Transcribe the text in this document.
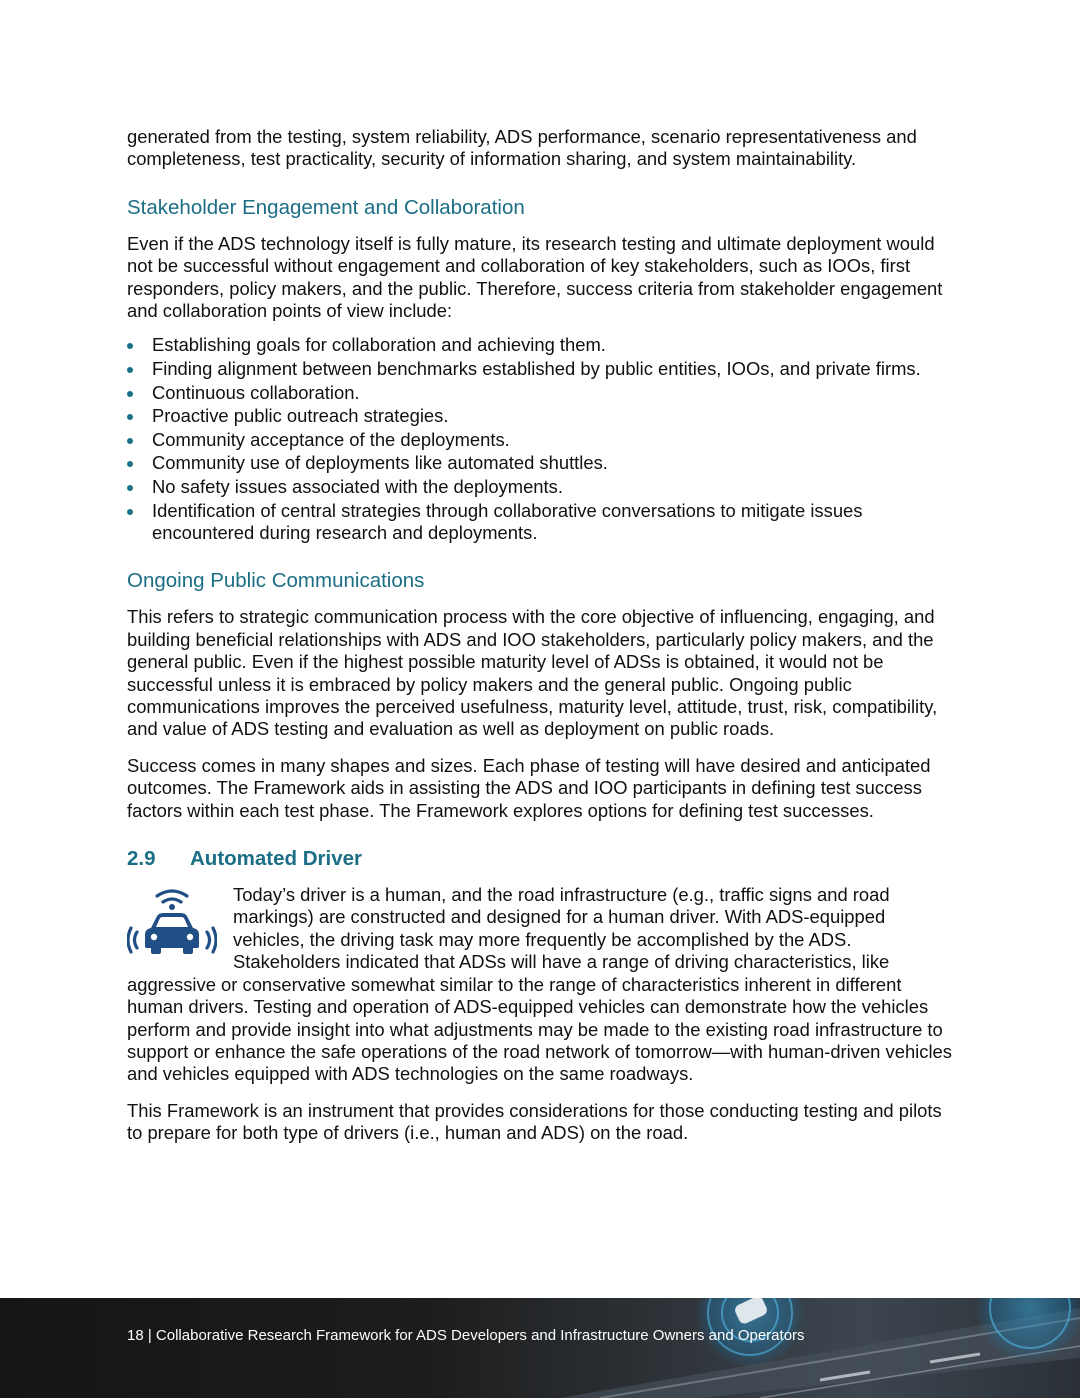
generated from the testing, system reliability, ADS performance, scenario representativeness and completeness, test practicality, security of information sharing, and system maintainability.

Stakeholder Engagement and Collaboration

Even if the ADS technology itself is fully mature, its research testing and ultimate deployment would not be successful without engagement and collaboration of key stakeholders, such as IOOs, first responders, policy makers, and the public. Therefore, success criteria from stakeholder engagement and collaboration points of view include:

Establishing goals for collaboration and achieving them.
Finding alignment between benchmarks established by public entities, IOOs, and private firms.
Continuous collaboration.
Proactive public outreach strategies.
Community acceptance of the deployments.
Community use of deployments like automated shuttles.
No safety issues associated with the deployments.
Identification of central strategies through collaborative conversations to mitigate issues encountered during research and deployments.
Ongoing Public Communications

This refers to strategic communication process with the core objective of influencing, engaging, and building beneficial relationships with ADS and IOO stakeholders, particularly policy makers, and the general public. Even if the highest possible maturity level of ADSs is obtained, it would not be successful unless it is embraced by policy makers and the general public. Ongoing public communications improves the perceived usefulness, maturity level, attitude, trust, risk, compatibility, and value of ADS testing and evaluation as well as deployment on public roads.

Success comes in many shapes and sizes. Each phase of testing will have desired and anticipated outcomes. The Framework aids in assisting the ADS and IOO participants in defining test success factors within each test phase. The Framework explores options for defining test successes.

2.9	Automated Driver

Today’s driver is a human, and the road infrastructure (e.g., traffic signs and road markings) are constructed and designed for a human driver. With ADS-equipped vehicles, the driving task may more frequently be accomplished by the ADS. Stakeholders indicated that ADSs will have a range of driving characteristics, like aggressive or conservative somewhat similar to the range of characteristics inherent in different human drivers. Testing and operation of ADS-equipped vehicles can demonstrate how the vehicles perform and provide insight into what adjustments may be made to the existing road infrastructure to support or enhance the safe operations of the road network of tomorrow—with human-driven vehicles and vehicles equipped with ADS technologies on the same roadways.

This Framework is an instrument that provides considerations for those conducting testing and pilots to prepare for both type of drivers (i.e., human and ADS) on the road.

18 | Collaborative Research Framework for ADS Developers and Infrastructure Owners and Operators
